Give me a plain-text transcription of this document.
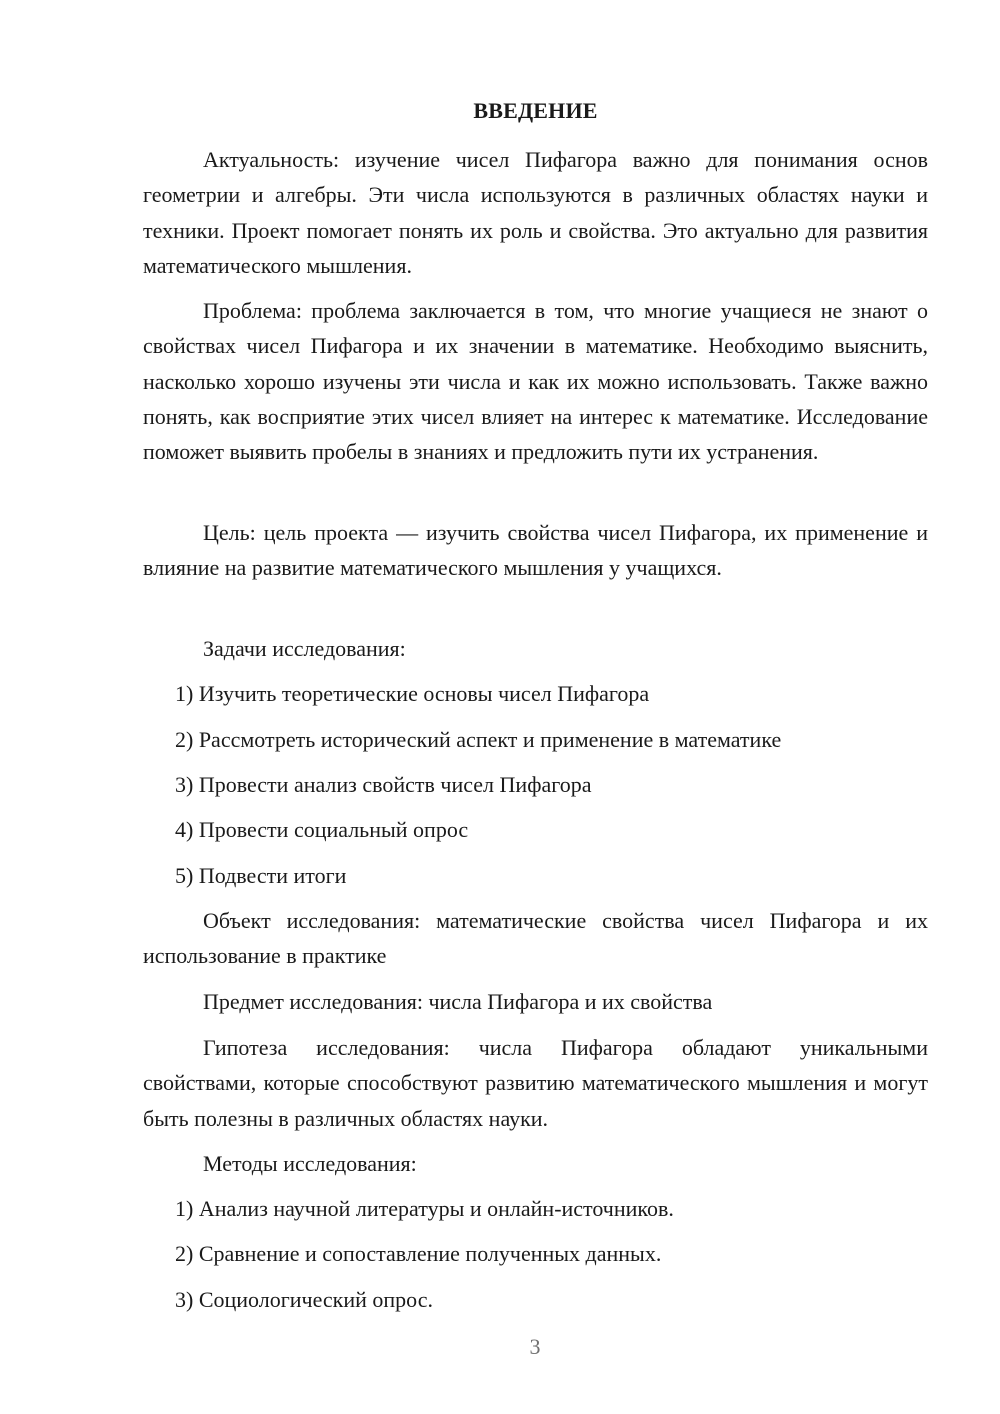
ВВЕДЕНИЕ

Актуальность: изучение чисел Пифагора важно для понимания основ геометрии и алгебры. Эти числа используются в различных областях науки и техники. Проект помогает понять их роль и свойства. Это актуально для развития математического мышления.

Проблема: проблема заключается в том, что многие учащиеся не знают о свойствах чисел Пифагора и их значении в математике. Необходимо выяснить, насколько хорошо изучены эти числа и как их можно использовать. Также важно понять, как восприятие этих чисел влияет на интерес к математике. Исследование поможет выявить пробелы в знаниях и предложить пути их устранения.

Цель: цель проекта — изучить свойства чисел Пифагора, их применение и влияние на развитие математического мышления у учащихся.

Задачи исследования:

1) Изучить теоретические основы чисел Пифагора

2) Рассмотреть исторический аспект и применение в математике

3) Провести анализ свойств чисел Пифагора

4) Провести социальный опрос

5) Подвести итоги

Объект исследования: математические свойства чисел Пифагора и их использование в практике

Предмет исследования: числа Пифагора и их свойства

Гипотеза исследования: числа Пифагора обладают уникальными свойствами, которые способствуют развитию математического мышления и могут быть полезны в различных областях науки.

Методы исследования:

1) Анализ научной литературы и онлайн-источников.

2) Сравнение и сопоставление полученных данных.

3) Социологический опрос.

3
